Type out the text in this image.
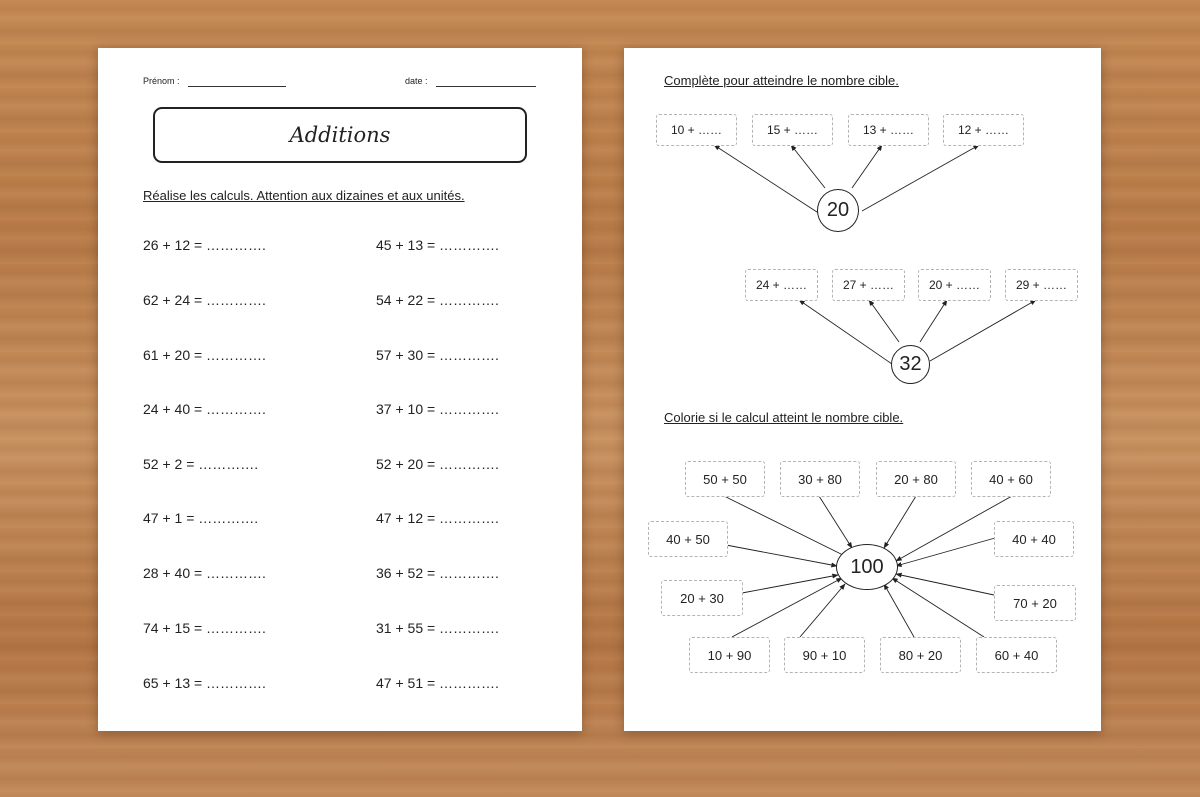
Prénom :	date :
Additions
Réalise les calculs. Attention aux dizaines et aux unités.
26 + 12 = ………….
62 + 24 = ………….
61 + 20 = ………….
24 + 40 = ………….
52 + 2 = ………….
47 + 1 = ………….
28 + 40 = ………….
74 + 15 = ………….
65 + 13 = ………….
45 + 13 = ………….
54 + 22 = ………….
57 + 30 = ………….
37 + 10 = ………….
52 + 20 = ………….
47 + 12 = ………….
36 + 52 = ………….
31 + 55 = ………….
47 + 51 = ………….
Complète pour atteindre le nombre cible.
10 + ……	15 + ……	13 + ……	12 + ……
20
24 + ……	27 + ……	20 + ……	29 + ……
32
Colorie si le calcul atteint le nombre cible.
50 + 50	30 + 80	20 + 80	40 + 60
40 + 50	40 + 40
20 + 30	70 + 20
10 + 90	90 + 10	80 + 20	60 + 40
100
